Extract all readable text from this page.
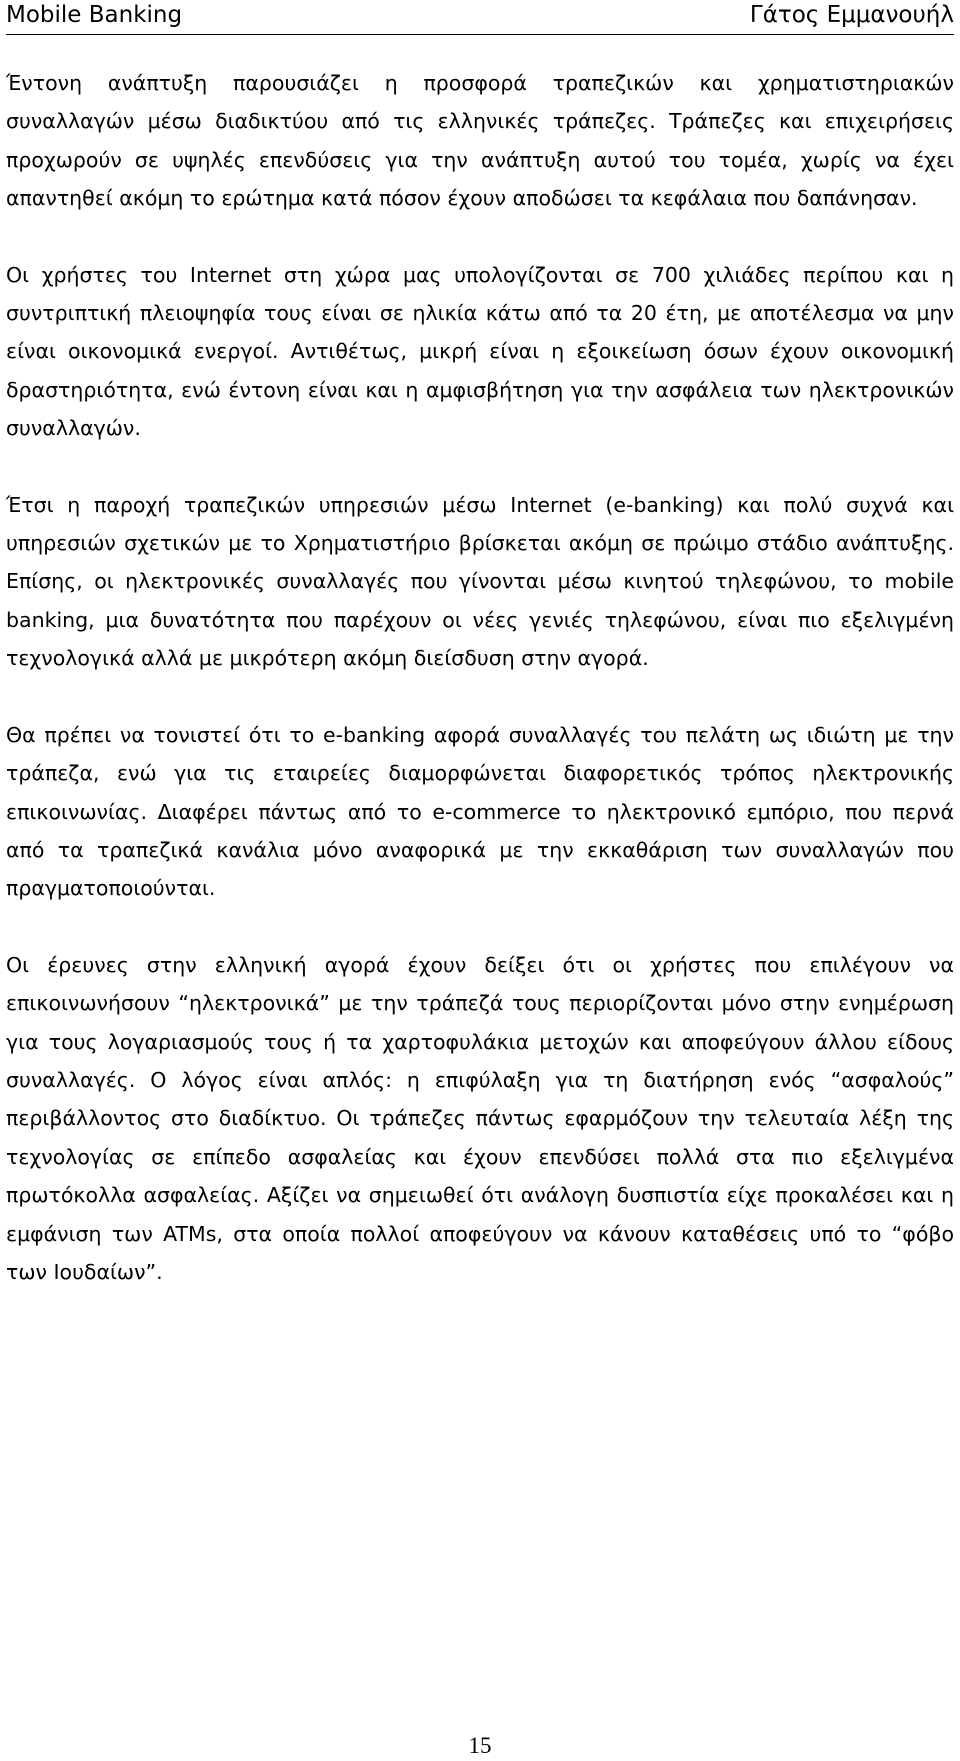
Mobile Banking	Γάτος Εμμανουήλ

Έντονη ανάπτυξη παρουσιάζει η προσφορά τραπεζικών και χρηματιστηριακών συναλλαγών μέσω διαδικτύου από τις ελληνικές τράπεζες. Τράπεζες και επιχειρήσεις προχωρούν σε υψηλές επενδύσεις για την ανάπτυξη αυτού του τομέα, χωρίς να έχει απαντηθεί ακόμη το ερώτημα κατά πόσον έχουν αποδώσει τα κεφάλαια που δαπάνησαν.

Οι χρήστες του Internet στη χώρα μας υπολογίζονται σε 700 χιλιάδες περίπου και η συντριπτική πλειοψηφία τους είναι σε ηλικία κάτω από τα 20 έτη, με αποτέλεσμα να μην είναι οικονομικά ενεργοί. Αντιθέτως, μικρή είναι η εξοικείωση όσων έχουν οικονομική δραστηριότητα, ενώ έντονη είναι και η αμφισβήτηση για την ασφάλεια των ηλεκτρονικών συναλλαγών.

Έτσι η παροχή τραπεζικών υπηρεσιών μέσω Internet (e-banking) και πολύ συχνά και υπηρεσιών σχετικών με το Χρηματιστήριο βρίσκεται ακόμη σε πρώιμο στάδιο ανάπτυξης. Επίσης, οι ηλεκτρονικές συναλλαγές που γίνονται μέσω κινητού τηλεφώνου, το mobile banking, μια δυνατότητα που παρέχουν οι νέες γενιές τηλεφώνου, είναι πιο εξελιγμένη τεχνολογικά αλλά με μικρότερη ακόμη διείσδυση στην αγορά.

Θα πρέπει να τονιστεί ότι το e-banking αφορά συναλλαγές του πελάτη ως ιδιώτη με την τράπεζα, ενώ για τις εταιρείες διαμορφώνεται διαφορετικός τρόπος ηλεκτρονικής επικοινωνίας. Διαφέρει πάντως από το e-commerce το ηλεκτρονικό εμπόριο, που περνά από τα τραπεζικά κανάλια μόνο αναφορικά με την εκκαθάριση των συναλλαγών που πραγματοποιούνται.

Οι έρευνες στην ελληνική αγορά έχουν δείξει ότι οι χρήστες που επιλέγουν να επικοινωνήσουν “ηλεκτρονικά” με την τράπεζά τους περιορίζονται μόνο στην ενημέρωση για τους λογαριασμούς τους ή τα χαρτοφυλάκια μετοχών και αποφεύγουν άλλου είδους συναλλαγές. Ο λόγος είναι απλός: η επιφύλαξη για τη διατήρηση ενός “ασφαλούς” περιβάλλοντος στο διαδίκτυο. Οι τράπεζες πάντως εφαρμόζουν την τελευταία λέξη της τεχνολογίας σε επίπεδο ασφαλείας και έχουν επενδύσει πολλά στα πιο εξελιγμένα πρωτόκολλα ασφαλείας. Αξίζει να σημειωθεί ότι ανάλογη δυσπιστία είχε προκαλέσει και η εμφάνιση των ATMs, στα οποία πολλοί αποφεύγουν να κάνουν καταθέσεις υπό το “φόβο των Ιουδαίων”.

15
